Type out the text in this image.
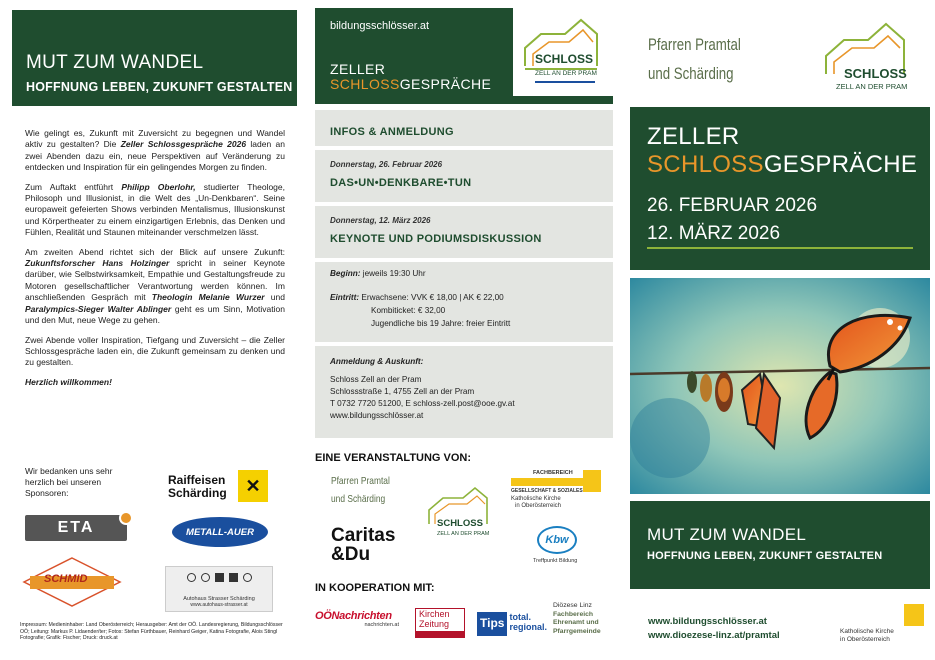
MUT ZUM WANDEL
HOFFNUNG LEBEN, ZUKUNFT GESTALTEN

Wie gelingt es, Zukunft mit Zuversicht zu begegnen und Wandel aktiv zu gestalten? Die Zeller Schlossgespräche 2026 laden an zwei Abenden dazu ein, neue Perspektiven auf Veränderung zu entdecken und Inspiration für ein gelingendes Morgen zu finden.

Zum Auftakt entführt Philipp Oberlohr, studierter Theologe, Philosoph und Illusionist, in die Welt des „Un-Denkbaren“. Seine europaweit gefeierten Shows verbinden Mentalismus, Illusionskunst und Körpertheater zu einem einzigartigen Erlebnis, das Denken und Fühlen, Realität und Staunen miteinander verschmelzen lässt.

Am zweiten Abend richtet sich der Blick auf unsere Zukunft: Zukunftsforscher Hans Holzinger spricht in seiner Keynote darüber, wie Selbstwirksamkeit, Empathie und Gestaltungsfreude zu Motoren gesellschaftlicher Verantwortung werden können. Im anschließenden Gespräch mit Theologin Melanie Wurzer und Paralympics-Sieger Walter Ablinger geht es um Sinn, Motivation und den Mut, neue Wege zu gehen.

Zwei Abende voller Inspiration, Tiefgang und Zuversicht – die Zeller Schlossgespräche laden ein, die Zukunft gemeinsam zu denken und zu gestalten.

Herzlich willkommen!

Wir bedanken uns sehr herzlich bei unseren Sponsoren:
Raiffeisen
Schärding	✕
ETA	METALL-AUER
SCHMID
Autohaus Strasser Schärding
www.autohaus-strasser.at
Impressum: Medieninhaber: Land Oberösterreich; Herausgeber: Amt der OÖ. Landesregierung, Bildungsschlösser OÖ; Leitung: Markus P. Lidaender/ter; Fotos: Stefan Fürthbauer, Reinhard Geiger, Katina Fotografie, Alois Stingl Fotografie; Grafik: Fischer; Druck: druck.at
bildungsschlösser.at
ZELLER
SCHLOSSGESPRÄCHE
SCHLOSS
ZELL AN DER PRAM
INFOS & ANMELDUNG
Donnerstag, 26. Februar 2026
DAS•UN•DENKBARE•TUN
Donnerstag, 12. März 2026
KEYNOTE UND PODIUMSDISKUSSION
Beginn: jeweils 19:30 Uhr
Eintritt: Erwachsene: VVK € 18,00 | AK € 22,00
Kombiticket: € 32,00
Jugendliche bis 19 Jahre: freier Eintritt
Anmeldung & Auskunft:
Schloss Zell an der Pram
Schlossstraße 1, 4755 Zell an der Pram
T 0732 7720 51200, E schloss-zell.post@ooe.gv.at
www.bildungsschlösser.at
EINE VERANSTALTUNG VON:
Pfarren Pramtal
und Schärding
Caritas
&Du
SCHLOSS
ZELL AN DER PRAM
FACHBEREICH
GESELLSCHAFT & SOZIALES
Katholische Kirche
in Oberösterreich
Kbw
Treffpunkt Bildung
IN KOOPERATION MIT:
OÖNachrichten
nachrichten.at
Kirchen
Zeitung	Tips total.
regional.
Diözese Linz
Fachbereich
Ehrenamt und
Pfarrgemeinde
Pfarren Pramtal
und Schärding	SCHLOSS
ZELL AN DER PRAM
ZELLER
SCHLOSSGESPRÄCHE
26. FEBRUAR 2026
12. MÄRZ 2026
MUT ZUM WANDEL
HOFFNUNG LEBEN, ZUKUNFT GESTALTEN
www.bildungsschlösser.at
www.dioezese-linz.at/pramtal	Katholische Kirche
in Oberösterreich
